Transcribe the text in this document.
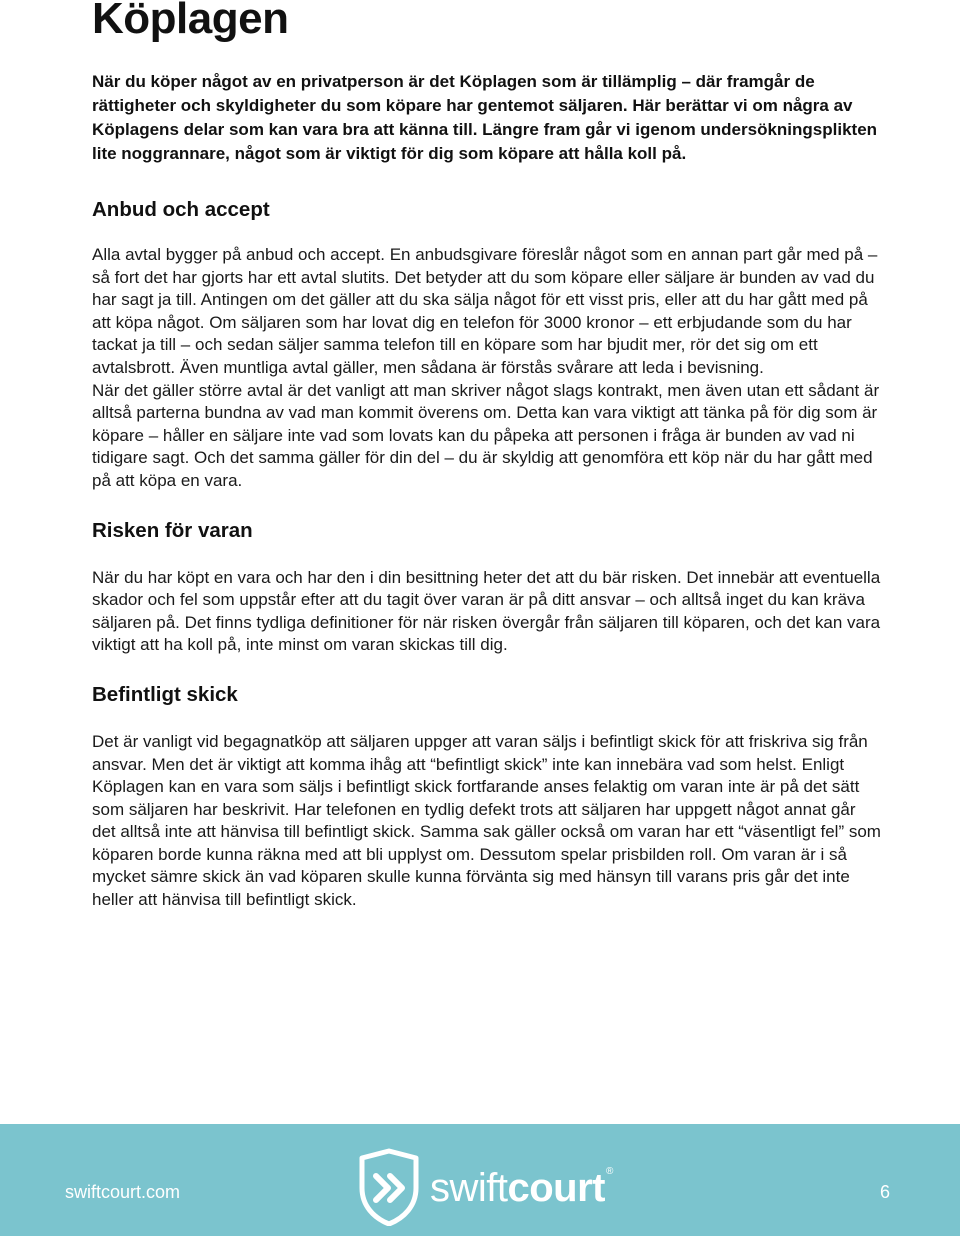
Köplagen

När du köper något av en privatperson är det Köplagen som är tillämplig – där framgår de rättigheter och skyldigheter du som köpare har gentemot säljaren. Här berättar vi om några av Köplagens delar som kan vara bra att känna till. Längre fram går vi igenom undersökningsplikten lite noggrannare, något som är viktigt för dig som köpare att hålla koll på.

Anbud och accept

Alla avtal bygger på anbud och accept. En anbudsgivare föreslår något som en annan part går med på – så fort det har gjorts har ett avtal slutits. Det betyder att du som köpare eller säljare är bunden av vad du har sagt ja till. Antingen om det gäller att du ska sälja något för ett visst pris, eller att du har gått med på att köpa något. Om säljaren som har lovat dig en telefon för 3000 kronor – ett erbjudande som du har tackat ja till – och sedan säljer samma telefon till en köpare som har bjudit mer, rör det sig om ett avtalsbrott. Även muntliga avtal gäller, men sådana är förstås svårare att leda i bevisning.

När det gäller större avtal är det vanligt att man skriver något slags kontrakt, men även utan ett sådant är alltså parterna bundna av vad man kommit överens om. Detta kan vara viktigt att tänka på för dig som är köpare – håller en säljare inte vad som lovats kan du påpeka att personen i fråga är bunden av vad ni tidigare sagt. Och det samma gäller för din del – du är skyldig att genomföra ett köp när du har gått med på att köpa en vara.

Risken för varan

När du har köpt en vara och har den i din besittning heter det att du bär risken. Det innebär att eventuella skador och fel som uppstår efter att du tagit över varan är på ditt ansvar – och alltså inget du kan kräva säljaren på. Det finns tydliga definitioner för när risken övergår från säljaren till köparen, och det kan vara viktigt att ha koll på, inte minst om varan skickas till dig.

Befintligt skick

Det är vanligt vid begagnatköp att säljaren uppger att varan säljs i befintligt skick för att friskriva sig från ansvar. Men det är viktigt att komma ihåg att “befintligt skick” inte kan innebära vad som helst. Enligt Köplagen kan en vara som säljs i befintligt skick fortfarande anses felaktig om varan inte är på det sätt som säljaren har beskrivit. Har telefonen en tydlig defekt trots att säljaren har uppgett något annat går det alltså inte att hänvisa till befintligt skick. Samma sak gäller också om varan har ett “väsentligt fel” som köparen borde kunna räkna med att bli upplyst om. Dessutom spelar prisbilden roll. Om varan är i så mycket sämre skick än vad köparen skulle kunna förvänta sig med hänsyn till varans pris går det inte heller att hänvisa till befintligt skick.

swiftcourt.com	swiftcourt®
6
